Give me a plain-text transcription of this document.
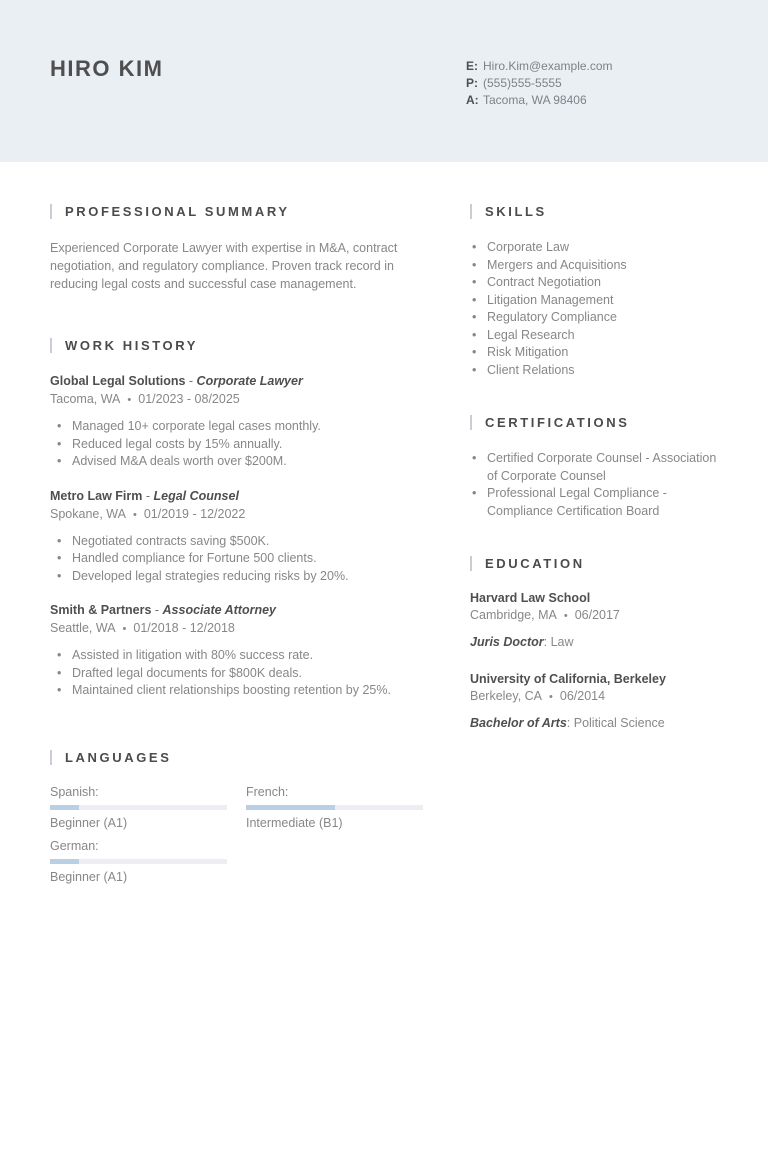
HIRO KIM	E: Hiro.Kim@example.com
P: (555)555-5555
A: Tacoma, WA 98406
PROFESSIONAL SUMMARY

Experienced Corporate Lawyer with expertise in M&A, contract negotiation, and regulatory compliance. Proven track record in reducing legal costs and successful case management.

WORK HISTORY
Global Legal Solutions - Corporate Lawyer
Tacoma, WA • 01/2023 - 08/2025
• Managed 10+ corporate legal cases monthly.
• Reduced legal costs by 15% annually.
• Advised M&A deals worth over $200M.
Metro Law Firm - Legal Counsel
Spokane, WA • 01/2019 - 12/2022
• Negotiated contracts saving $500K.
• Handled compliance for Fortune 500 clients.
• Developed legal strategies reducing risks by 20%.
Smith & Partners - Associate Attorney
Seattle, WA • 01/2018 - 12/2018
• Assisted in litigation with 80% success rate.
• Drafted legal documents for $800K deals.
• Maintained client relationships boosting retention by 25%.
LANGUAGES
Spanish:
Beginner (A1)
French:
Intermediate (B1)
German:
Beginner (A1)
SKILLS
• Corporate Law
• Mergers and Acquisitions
• Contract Negotiation
• Litigation Management
• Regulatory Compliance
• Legal Research
• Risk Mitigation
• Client Relations
CERTIFICATIONS
• Certified Corporate Counsel - Association of Corporate Counsel
• Professional Legal Compliance - Compliance Certification Board
EDUCATION
Harvard Law School
Cambridge, MA • 06/2017
Juris Doctor: Law
University of California, Berkeley
Berkeley, CA • 06/2014
Bachelor of Arts: Political Science
